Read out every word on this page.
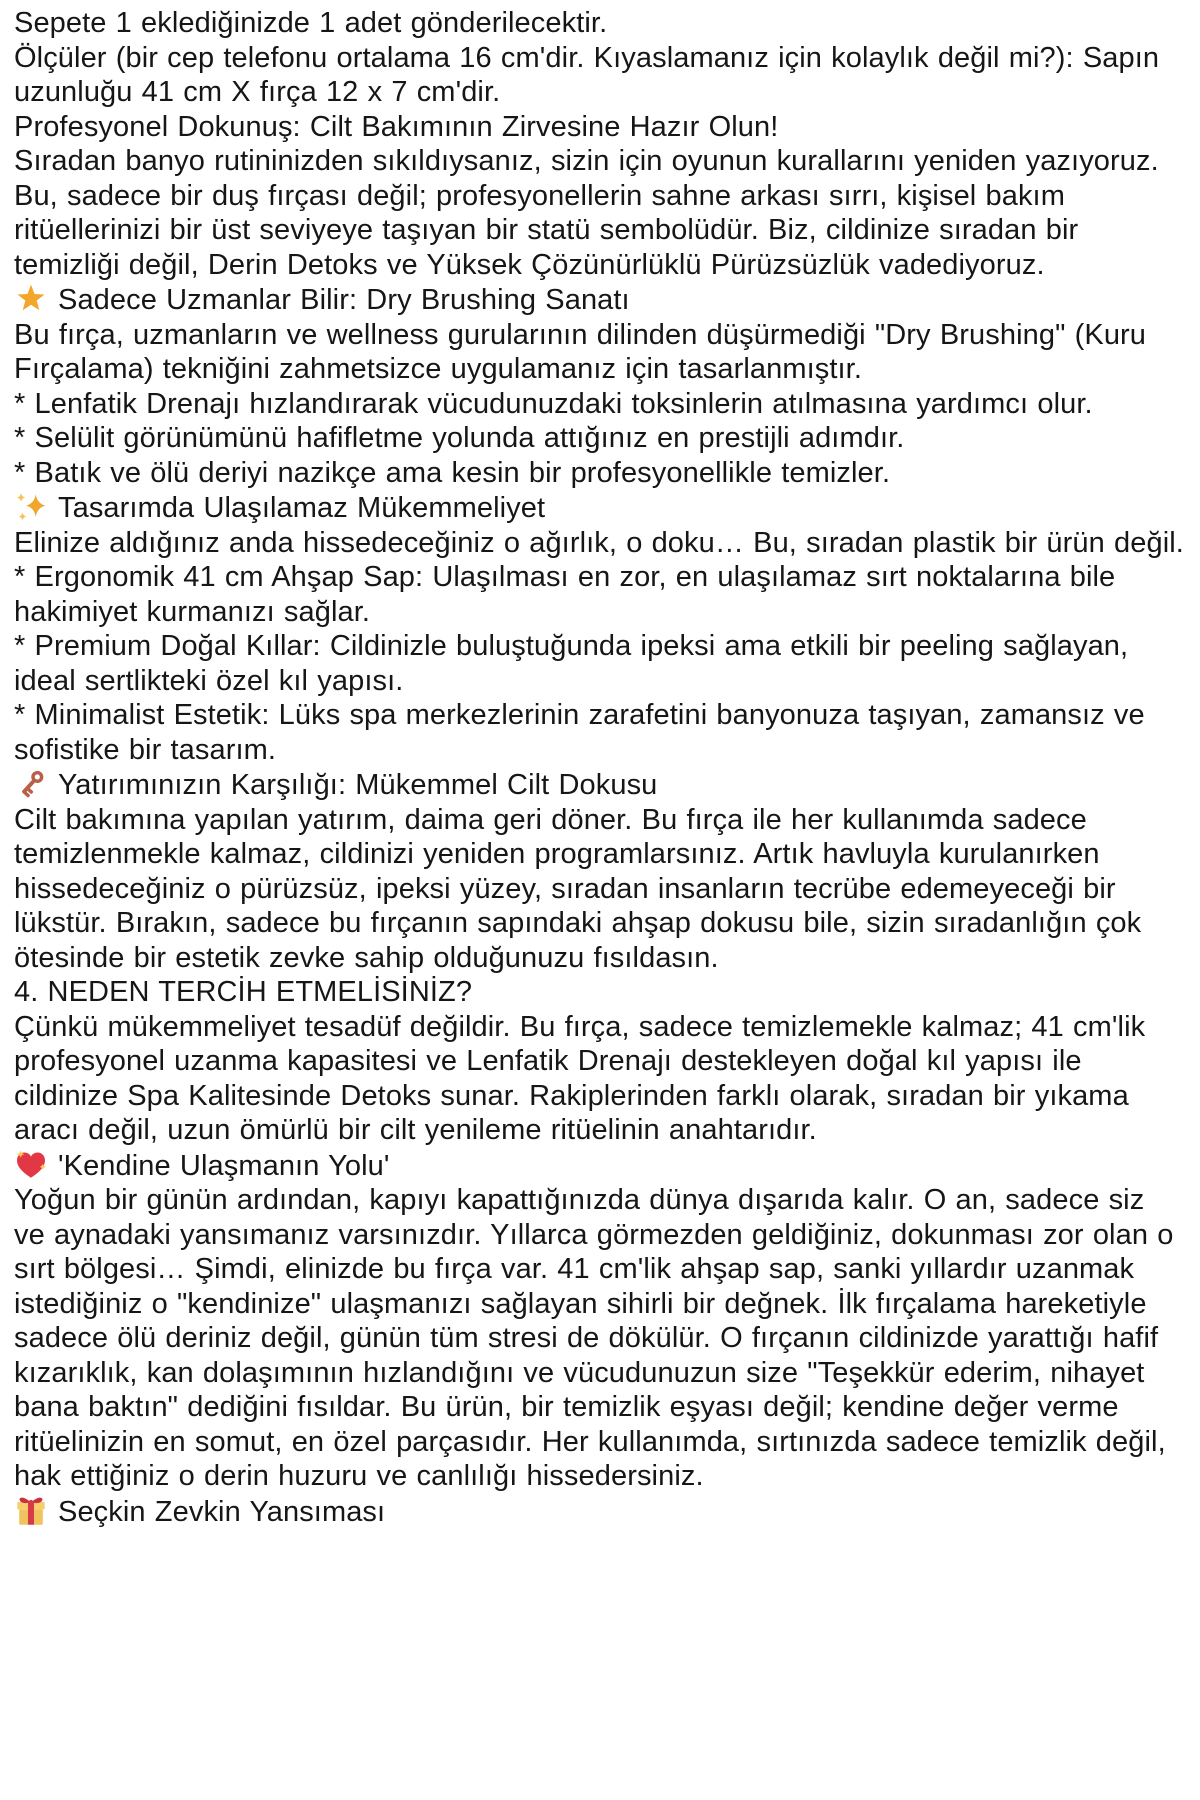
Sepete 1 eklediğinizde 1 adet gönderilecektir.

Ölçüler (bir cep telefonu ortalama 16 cm'dir. Kıyaslamanız için kolaylık değil mi?): Sapın uzunluğu 41 cm X fırça 12 x 7 cm'dir.

Profesyonel Dokunuş: Cilt Bakımının Zirvesine Hazır Olun!

Sıradan banyo rutininizden sıkıldıysanız, sizin için oyunun kurallarını yeniden yazıyoruz. Bu, sadece bir duş fırçası değil; profesyonellerin sahne arkası sırrı, kişisel bakım ritüellerinizi bir üst seviyeye taşıyan bir statü sembolüdür. Biz, cildinize sıradan bir temizliği değil, Derin Detoks ve Yüksek Çözünürlüklü Pürüzsüzlük vadediyoruz.

Sadece Uzmanlar Bilir: Dry Brushing Sanatı

Bu fırça, uzmanların ve wellness gurularının dilinden düşürmediği "Dry Brushing" (Kuru Fırçalama) tekniğini zahmetsizce uygulamanız için tasarlanmıştır.

* Lenfatik Drenajı hızlandırarak vücudunuzdaki toksinlerin atılmasına yardımcı olur.

* Selülit görünümünü hafifletme yolunda attığınız en prestijli adımdır.

* Batık ve ölü deriyi nazikçe ama kesin bir profesyonellikle temizler.

Tasarımda Ulaşılamaz Mükemmeliyet

Elinize aldığınız anda hissedeceğiniz o ağırlık, o doku… Bu, sıradan plastik bir ürün değil.

* Ergonomik 41 cm Ahşap Sap: Ulaşılması en zor, en ulaşılamaz sırt noktalarına bile hakimiyet kurmanızı sağlar.

* Premium Doğal Kıllar: Cildinizle buluştuğunda ipeksi ama etkili bir peeling sağlayan, ideal sertlikteki özel kıl yapısı.

* Minimalist Estetik: Lüks spa merkezlerinin zarafetini banyonuza taşıyan, zamansız ve sofistike bir tasarım.

Yatırımınızın Karşılığı: Mükemmel Cilt Dokusu

Cilt bakımına yapılan yatırım, daima geri döner. Bu fırça ile her kullanımda sadece temizlenmekle kalmaz, cildinizi yeniden programlarsınız. Artık havluyla kurulanırken hissedeceğiniz o pürüzsüz, ipeksi yüzey, sıradan insanların tecrübe edemeyeceği bir lükstür. Bırakın, sadece bu fırçanın sapındaki ahşap dokusu bile, sizin sıradanlığın çok ötesinde bir estetik zevke sahip olduğunuzu fısıldasın.

4. NEDEN TERCİH ETMELİSİNİZ?

Çünkü mükemmeliyet tesadüf değildir. Bu fırça, sadece temizlemekle kalmaz; 41 cm'lik profesyonel uzanma kapasitesi ve Lenfatik Drenajı destekleyen doğal kıl yapısı ile cildinize Spa Kalitesinde Detoks sunar. Rakiplerinden farklı olarak, sıradan bir yıkama aracı değil, uzun ömürlü bir cilt yenileme ritüelinin anahtarıdır.

'Kendine Ulaşmanın Yolu'

Yoğun bir günün ardından, kapıyı kapattığınızda dünya dışarıda kalır. O an, sadece siz ve aynadaki yansımanız varsınızdır. Yıllarca görmezden geldiğiniz, dokunması zor olan o sırt bölgesi… Şimdi, elinizde bu fırça var. 41 cm'lik ahşap sap, sanki yıllardır uzanmak istediğiniz o "kendinize" ulaşmanızı sağlayan sihirli bir değnek. İlk fırçalama hareketiyle sadece ölü deriniz değil, günün tüm stresi de dökülür. O fırçanın cildinizde yarattığı hafif kızarıklık, kan dolaşımının hızlandığını ve vücudunuzun size "Teşekkür ederim, nihayet bana baktın" dediğini fısıldar. Bu ürün, bir temizlik eşyası değil; kendine değer verme ritüelinizin en somut, en özel parçasıdır. Her kullanımda, sırtınızda sadece temizlik değil, hak ettiğiniz o derin huzuru ve canlılığı hissedersiniz.

Seçkin Zevkin Yansıması
